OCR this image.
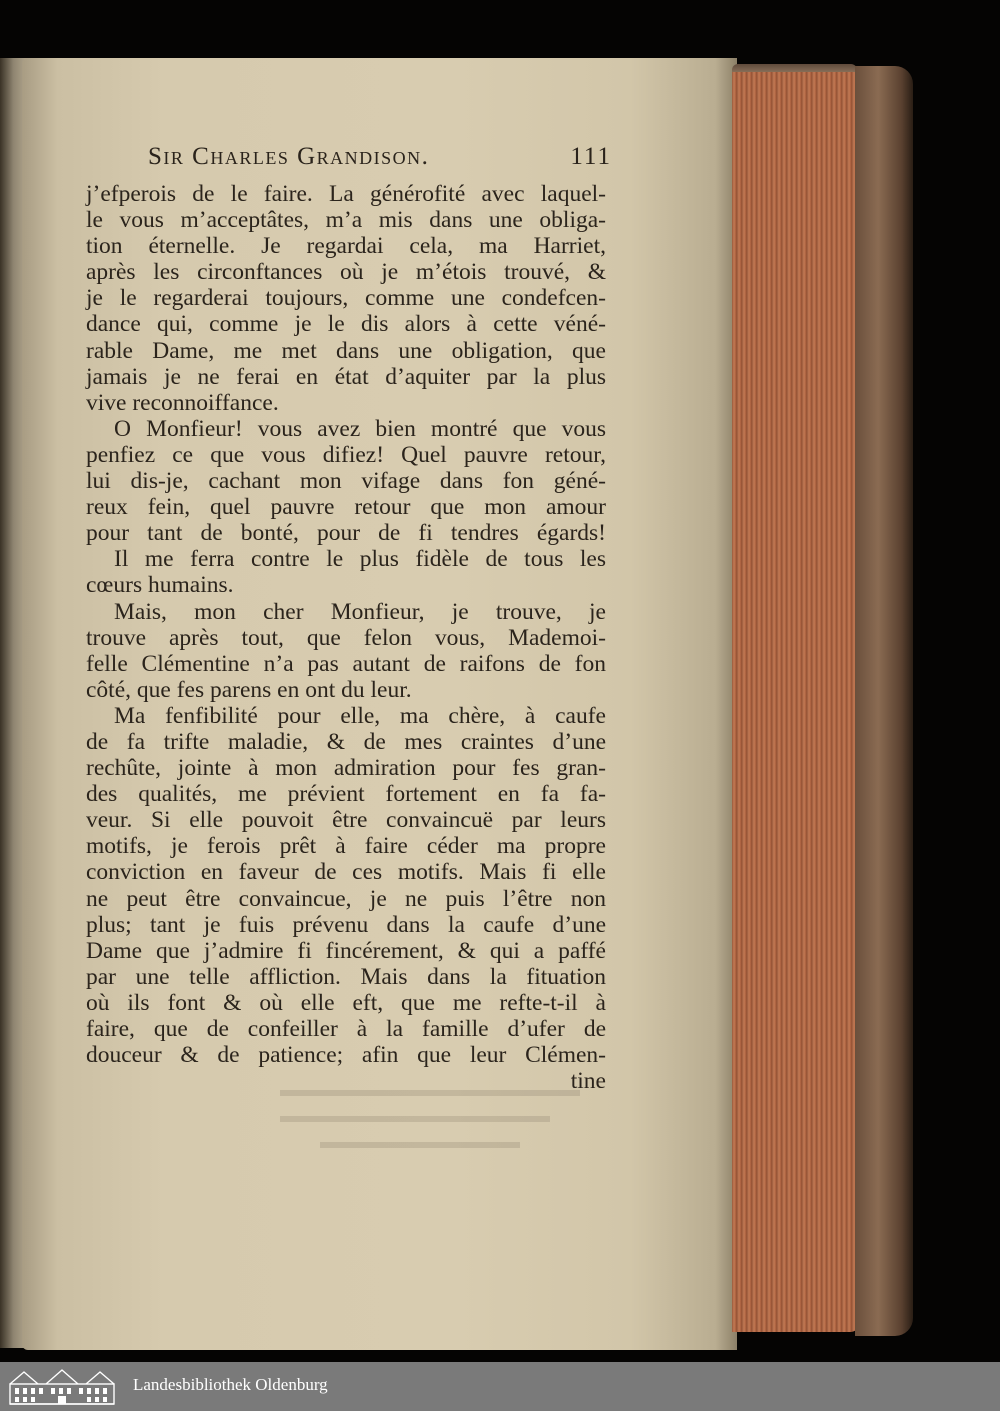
Sir Charles Grandison.	111
j’efperois de le faire. La générofité avec laquel-
le vous m’acceptâtes, m’a mis dans une obliga-
tion éternelle. Je regardai cela, ma Harriet,
après les circonftances où je m’étois trouvé, &
je le regarderai toujours, comme une condefcen-
dance qui, comme je le dis alors à cette véné-
rable Dame, me met dans une obligation, que
jamais je ne ferai en état d’aquiter par la plus
vive reconnoiffance.
O Monfieur! vous avez bien montré que vous
penfiez ce que vous difiez! Quel pauvre retour,
lui dis-je, cachant mon vifage dans fon géné-
reux fein, quel pauvre retour que mon amour
pour tant de bonté, pour de fi tendres égards!
Il me ferra contre le plus fidèle de tous les
cœurs humains.
Mais, mon cher Monfieur, je trouve, je
trouve après tout, que felon vous, Mademoi-
felle Clémentine n’a pas autant de raifons de fon
côté, que fes parens en ont du leur.
Ma fenfibilité pour elle, ma chère, à caufe
de fa trifte maladie, & de mes craintes d’une
rechûte, jointe à mon admiration pour fes gran-
des qualités, me prévient fortement en fa fa-
veur. Si elle pouvoit être convaincuë par leurs
motifs, je ferois prêt à faire céder ma propre
conviction en faveur de ces motifs. Mais fi elle
ne peut être convaincue, je ne puis l’être non
plus; tant je fuis prévenu dans la caufe d’une
Dame que j’admire fi fincérement, & qui a paffé
par une telle affliction. Mais dans la fituation
où ils font & où elle eft, que me refte-t-il à
faire, que de confeiller à la famille d’ufer de
douceur & de patience; afin que leur Clémen-
tine
Landesbibliothek Oldenburg
